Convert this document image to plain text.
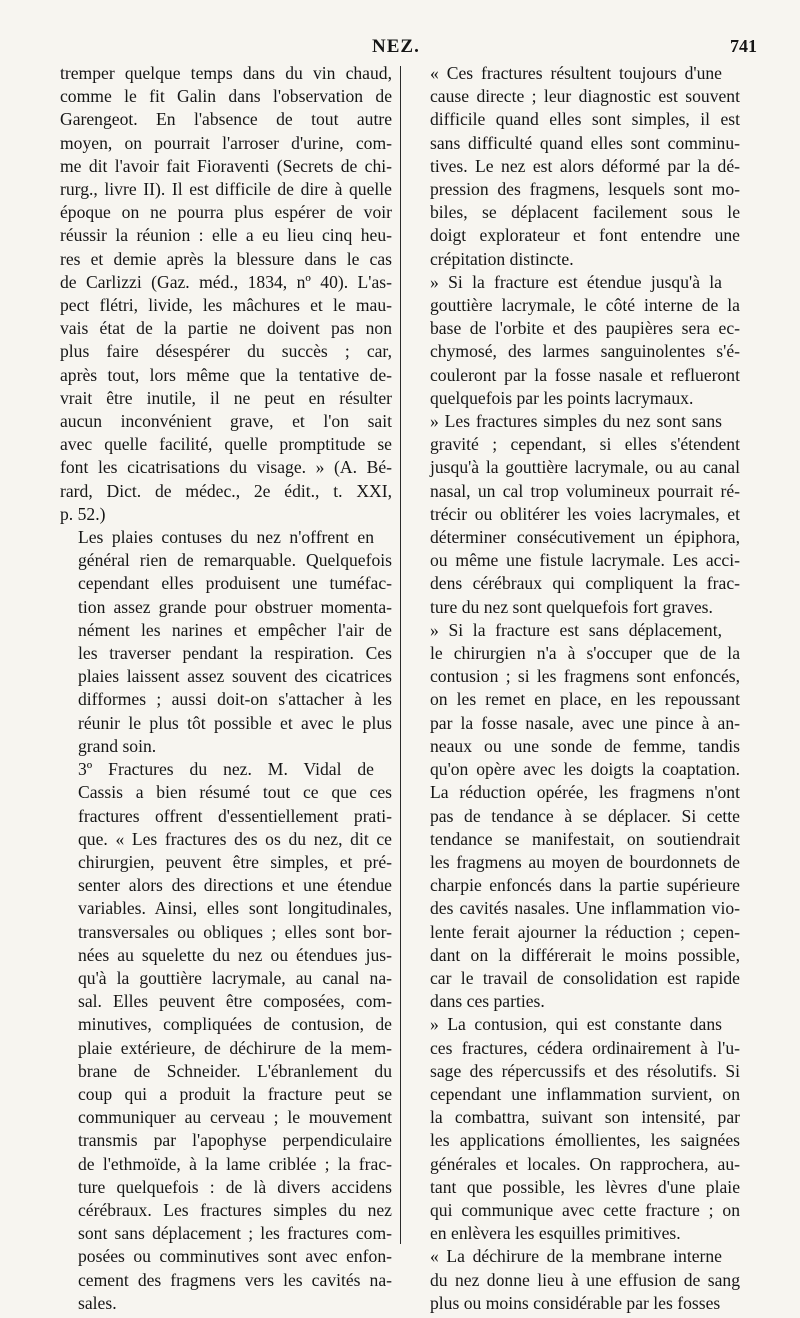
NEZ.	741

tremper quelque temps dans du vin chaud,
comme le fit Galin dans l'observation de
Garengeot. En l'absence de tout autre
moyen, on pourrait l'arroser d'urine, com-
me dit l'avoir fait Fioraventi (Secrets de chi-
rurg., livre II). Il est difficile de dire à quelle
époque on ne pourra plus espérer de voir
réussir la réunion : elle a eu lieu cinq heu-
res et demie après la blessure dans le cas
de Carlizzi (Gaz. méd., 1834, nº 40). L'as-
pect flétri, livide, les mâchures et le mau-
vais état de la partie ne doivent pas non
plus faire désespérer du succès ; car,
après tout, lors même que la tentative de-
vrait être inutile, il ne peut en résulter
aucun inconvénient grave, et l'on sait
avec quelle facilité, quelle promptitude se
font les cicatrisations du visage. » (A. Bé-
rard, Dict. de médec., 2e édit., t. XXI,
p. 52.)

Les plaies contuses du nez n'offrent en
général rien de remarquable. Quelquefois
cependant elles produisent une tuméfac-
tion assez grande pour obstruer momenta-
nément les narines et empêcher l'air de
les traverser pendant la respiration. Ces
plaies laissent assez souvent des cicatrices
difformes ; aussi doit-on s'attacher à les
réunir le plus tôt possible et avec le plus
grand soin.

3º Fractures du nez. M. Vidal de
Cassis a bien résumé tout ce que ces
fractures offrent d'essentiellement prati-
que. « Les fractures des os du nez, dit ce
chirurgien, peuvent être simples, et pré-
senter alors des directions et une étendue
variables. Ainsi, elles sont longitudinales,
transversales ou obliques ; elles sont bor-
nées au squelette du nez ou étendues jus-
qu'à la gouttière lacrymale, au canal na-
sal. Elles peuvent être composées, com-
minutives, compliquées de contusion, de
plaie extérieure, de déchirure de la mem-
brane de Schneider. L'ébranlement du
coup qui a produit la fracture peut se
communiquer au cerveau ; le mouvement
transmis par l'apophyse perpendiculaire
de l'ethmoïde, à la lame criblée ; la frac-
ture quelquefois : de là divers accidens
cérébraux. Les fractures simples du nez
sont sans déplacement ; les fractures com-
posées ou comminutives sont avec enfon-
cement des fragmens vers les cavités na-
sales.

« Ces fractures résultent toujours d'une
cause directe ; leur diagnostic est souvent
difficile quand elles sont simples, il est
sans difficulté quand elles sont comminu-
tives. Le nez est alors déformé par la dé-
pression des fragmens, lesquels sont mo-
biles, se déplacent facilement sous le
doigt explorateur et font entendre une
crépitation distincte.

» Si la fracture est étendue jusqu'à la
gouttière lacrymale, le côté interne de la
base de l'orbite et des paupières sera ec-
chymosé, des larmes sanguinolentes s'é-
couleront par la fosse nasale et reflueront
quelquefois par les points lacrymaux.

» Les fractures simples du nez sont sans
gravité ; cependant, si elles s'étendent
jusqu'à la gouttière lacrymale, ou au canal
nasal, un cal trop volumineux pourrait ré-
trécir ou oblitérer les voies lacrymales, et
déterminer consécutivement un épiphora,
ou même une fistule lacrymale. Les acci-
dens cérébraux qui compliquent la frac-
ture du nez sont quelquefois fort graves.

» Si la fracture est sans déplacement,
le chirurgien n'a à s'occuper que de la
contusion ; si les fragmens sont enfoncés,
on les remet en place, en les repoussant
par la fosse nasale, avec une pince à an-
neaux ou une sonde de femme, tandis
qu'on opère avec les doigts la coaptation.
La réduction opérée, les fragmens n'ont
pas de tendance à se déplacer. Si cette
tendance se manifestait, on soutiendrait
les fragmens au moyen de bourdonnets de
charpie enfoncés dans la partie supérieure
des cavités nasales. Une inflammation vio-
lente ferait ajourner la réduction ; cepen-
dant on la différerait le moins possible,
car le travail de consolidation est rapide
dans ces parties.

» La contusion, qui est constante dans
ces fractures, cédera ordinairement à l'u-
sage des répercussifs et des résolutifs. Si
cependant une inflammation survient, on
la combattra, suivant son intensité, par
les applications émollientes, les saignées
générales et locales. On rapprochera, au-
tant que possible, les lèvres d'une plaie
qui communique avec cette fracture ; on
en enlèvera les esquilles primitives.

« La déchirure de la membrane interne
du nez donne lieu à une effusion de sang
plus ou moins considérable par les fosses
